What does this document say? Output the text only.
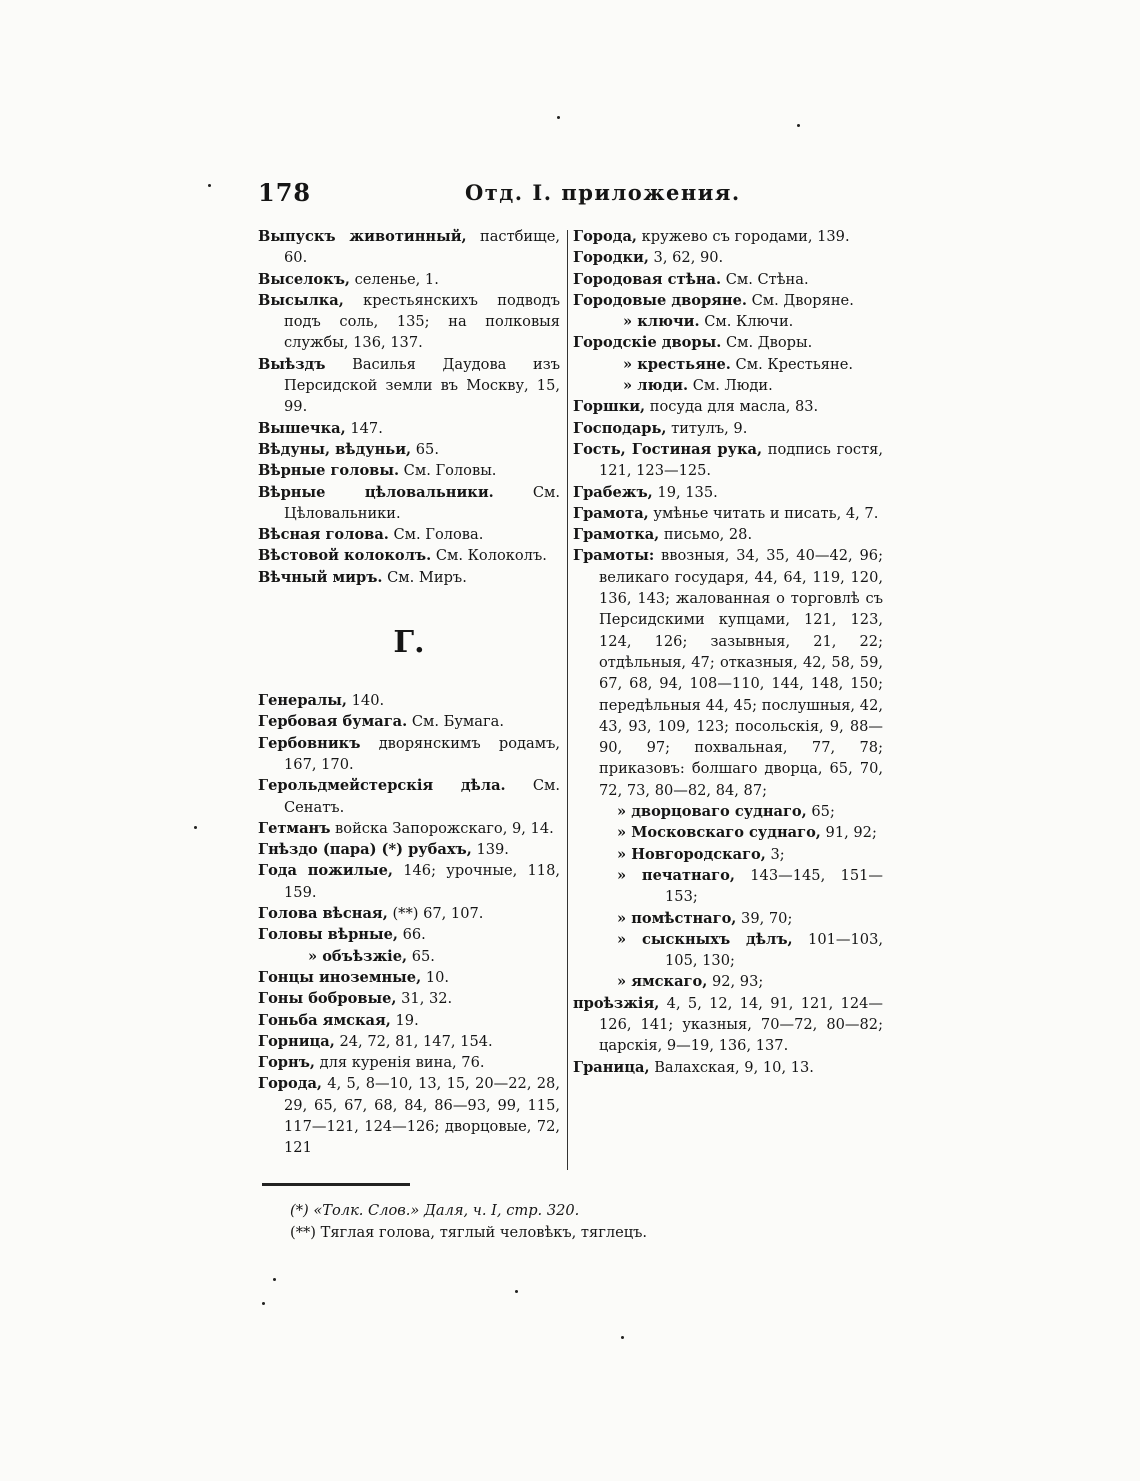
178	Отд. I. приложения.
Выпускъ животинный, пастбище, 60.
Выселокъ, селенье, 1.
Высылка, крестьянскихъ подводъ подъ соль, 135; на полковыя службы, 136, 137.
Выѣздъ Василья Даудова изъ Персидской земли въ Москву, 15, 99.
Вышечка, 147.
Вѣдуны, вѣдуньи, 65.
Вѣрные головы. См. Головы.
Вѣрные цѣловальники. См. Цѣловальники.
Вѣсная голова. См. Голова.
Вѣстовой колоколъ. См. Колоколъ.
Вѣчный миръ. См. Миръ.
Г.
Генералы, 140.
Гербовая бумага. См. Бумага.
Гербовникъ дворянскимъ родамъ, 167, 170.
Герольдмейстерскія дѣла. См. Сенатъ.
Гетманъ войска Запорожскаго, 9, 14.
Гнѣздо (пара) (*) рубахъ, 139.
Года пожилые, 146; урочные, 118, 159.
Голова вѣсная, (**) 67, 107.
Головы вѣрные, 66.
» объѣзжіе, 65.
Гонцы иноземные, 10.
Гоны бобровые, 31, 32.
Гоньба ямская, 19.
Горница, 24, 72, 81, 147, 154.
Горнъ, для куренія вина, 76.
Города, 4, 5, 8—10, 13, 15, 20—22, 28, 29, 65, 67, 68, 84, 86—93, 99, 115, 117—121, 124—126; дворцовые, 72, 121
Города, кружево съ городами, 139.
Городки, 3, 62, 90.
Городовая стѣна. См. Стѣна.
Городовые дворяне. См. Дворяне.
» ключи. См. Ключи.
Городскіе дворы. См. Дворы.
» крестьяне. См. Крестьяне.
» люди. См. Люди.
Горшки, посуда для масла, 83.
Господарь, титулъ, 9.
Гость, Гостиная рука, подпись гостя, 121, 123—125.
Грабежъ, 19, 135.
Грамота, умѣнье читать и писать, 4, 7.
Грамотка, письмо, 28.
Грамоты: ввозныя, 34, 35, 40—42, 96; великаго государя, 44, 64, 119, 120, 136, 143; жалованная о торговлѣ съ Персидскими купцами, 121, 123, 124, 126; зазывныя, 21, 22; отдѣльныя, 47; отказныя, 42, 58, 59, 67, 68, 94, 108—110, 144, 148, 150; передѣльныя 44, 45; послушныя, 42, 43, 93, 109, 123; посольскія, 9, 88—90, 97; похвальная, 77, 78; приказовъ: болшаго дворца, 65, 70, 72, 73, 80—82, 84, 87;
» дворцоваго суднаго, 65;
» Московскаго суднаго, 91, 92;
» Новгородскаго, 3;
» печатнаго, 143—145, 151—153;
» помѣстнаго, 39, 70;
» сыскныхъ дѣлъ, 101—103, 105, 130;
» ямскаго, 92, 93;
проѣзжія, 4, 5, 12, 14, 91, 121, 124—126, 141; указныя, 70—72, 80—82; царскія, 9—19, 136, 137.
Граница, Валахская, 9, 10, 13.
(*) «Толк. Слов.» Даля, ч. I, стр. 320.
(**) Тяглая голова, тяглый человѣкъ, тяглецъ.
